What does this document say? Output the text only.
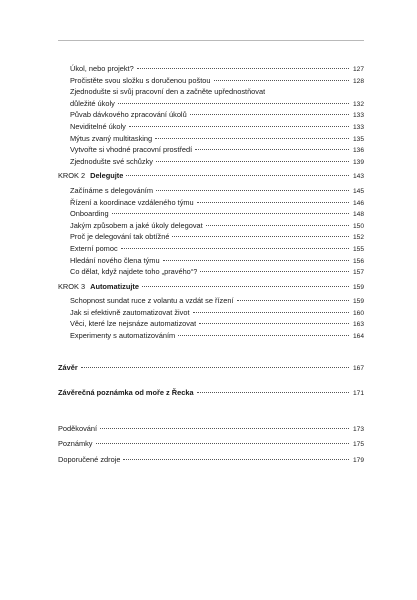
Úkol, nebo projekt?	127
Pročistěte svou složku s doručenou poštou	128
Zjednodušte si svůj pracovní den a začněte upřednostňovat
důležité úkoly	132
Půvab dávkového zpracování úkolů	133
Neviditelné úkoly	133
Mýtus zvaný multitasking	135
Vytvořte si vhodné pracovní prostředí	136
Zjednodušte své schůzky	139
KROK 2 Delegujte	143
Začínáme s delegováním	145
Řízení a koordinace vzdáleného týmu	146
Onboarding	148
Jakým způsobem a jaké úkoly delegovat	150
Proč je delegování tak obtížné	152
Externí pomoc	155
Hledání nového člena týmu	156
Co dělat, když najdete toho „pravého“?	157
KROK 3 Automatizujte	159
Schopnost sundat ruce z volantu a vzdát se řízení	159
Jak si efektivně zautomatizovat život	160
Věci, které lze nejsnáze automatizovat	163
Experimenty s automatizováním	164
Závěr	167
Závěrečná poznámka od moře z Řecka	171
Poděkování	173
Poznámky	175
Doporučené zdroje	179
